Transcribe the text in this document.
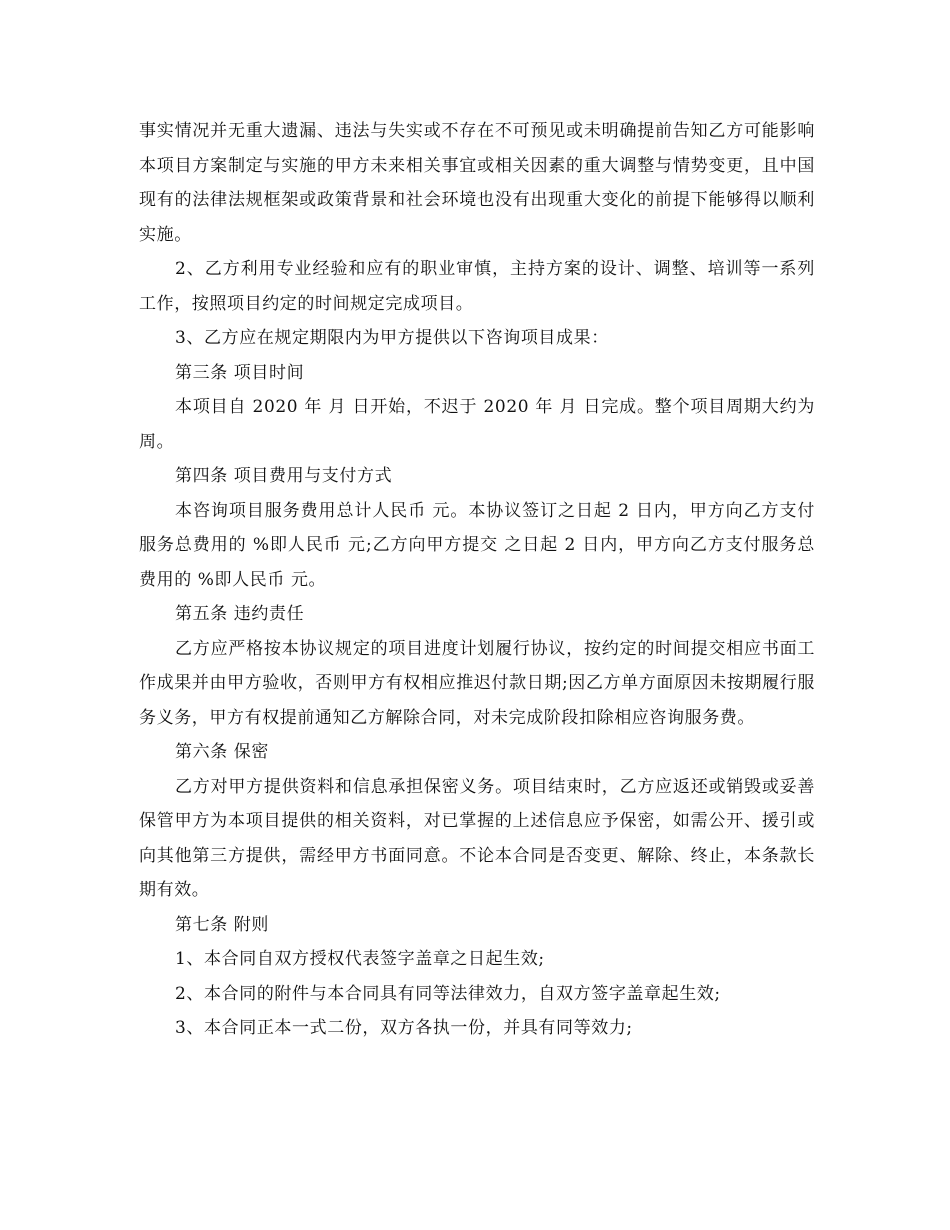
事实情况并无重大遗漏、违法与失实或不存在不可预见或未明确提前告知乙方可能影响本项目方案制定与实施的甲方未来相关事宜或相关因素的重大调整与情势变更，且中国现有的法律法规框架或政策背景和社会环境也没有出现重大变化的前提下能够得以顺利实施。

2、乙方利用专业经验和应有的职业审慎，主持方案的设计、调整、培训等一系列工作，按照项目约定的时间规定完成项目。

3、乙方应在规定期限内为甲方提供以下咨询项目成果：

第三条 项目时间

本项目自 2020 年 月 日开始，不迟于 2020 年 月 日完成。整个项目周期大约为 周。

第四条 项目费用与支付方式

本咨询项目服务费用总计人民币 元。本协议签订之日起 2 日内，甲方向乙方支付服务总费用的 %即人民币 元;乙方向甲方提交 之日起 2 日内，甲方向乙方支付服务总费用的 %即人民币 元。

第五条 违约责任

乙方应严格按本协议规定的项目进度计划履行协议，按约定的时间提交相应书面工作成果并由甲方验收，否则甲方有权相应推迟付款日期;因乙方单方面原因未按期履行服务义务，甲方有权提前通知乙方解除合同，对未完成阶段扣除相应咨询服务费。

第六条 保密

乙方对甲方提供资料和信息承担保密义务。项目结束时，乙方应返还或销毁或妥善保管甲方为本项目提供的相关资料，对已掌握的上述信息应予保密，如需公开、援引或向其他第三方提供，需经甲方书面同意。不论本合同是否变更、解除、终止，本条款长期有效。

第七条 附则

1、本合同自双方授权代表签字盖章之日起生效;

2、本合同的附件与本合同具有同等法律效力，自双方签字盖章起生效;

3、本合同正本一式二份，双方各执一份，并具有同等效力;
